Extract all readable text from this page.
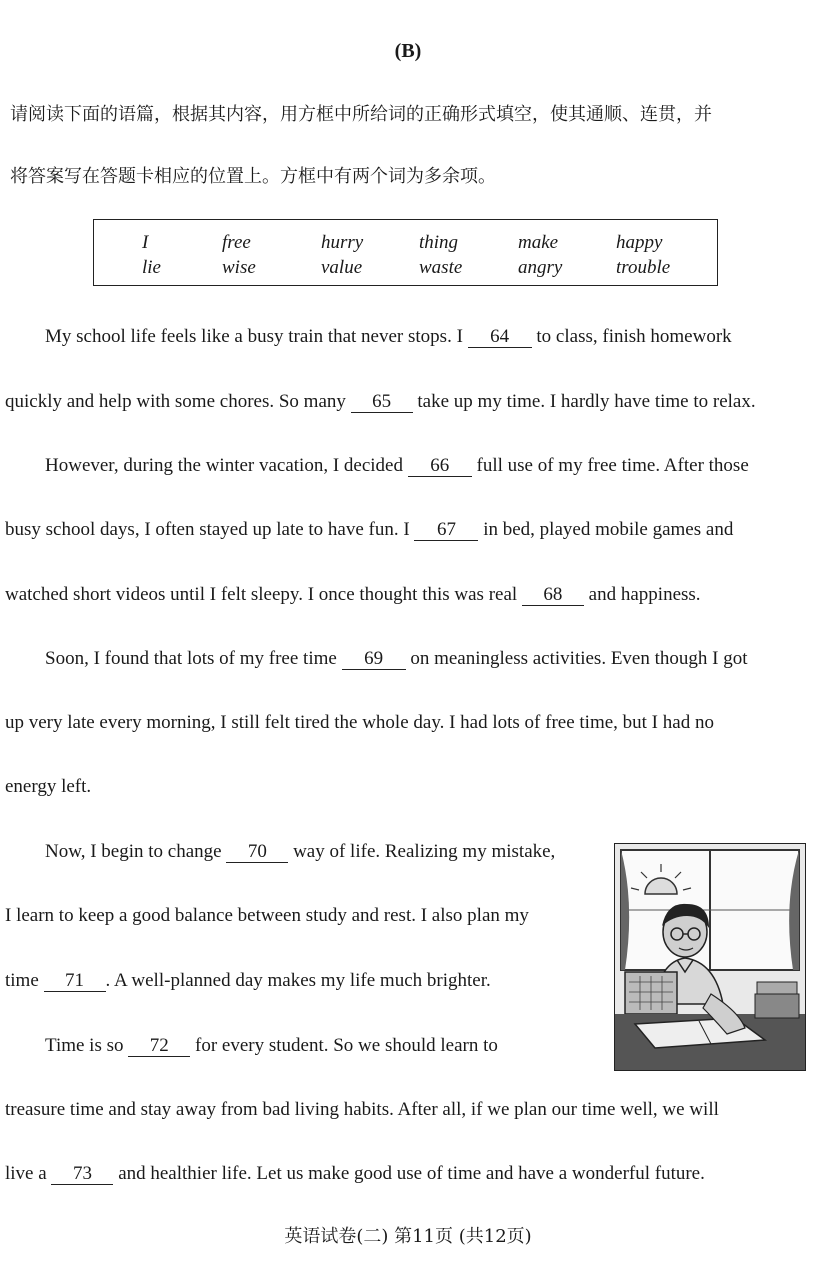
(B)
请阅读下面的语篇，根据其内容，用方框中所给词的正确形式填空，使其通顺、连贯，并
将答案写在答题卡相应的位置上。方框中有两个词为多余项。
I	free	hurry	thing	make	happy
lie	wise	value	waste	angry	trouble
My school life feels like a busy train that never stops. I 64 to class, finish homework
quickly and help with some chores. So many 65 take up my time. I hardly have time to relax.
However, during the winter vacation, I decided 66 full use of my free time. After those
busy school days, I often stayed up late to have fun. I 67 in bed, played mobile games and
watched short videos until I felt sleepy. I once thought this was real 68 and happiness.
Soon, I found that lots of my free time 69 on meaningless activities. Even though I got
up very late every morning, I still felt tired the whole day. I had lots of free time, but I had no
energy left.
Now, I begin to change 70 way of life. Realizing my mistake,
I learn to keep a good balance between study and rest. I also plan my
time 71 . A well-planned day makes my life much brighter.
Time is so 72 for every student. So we should learn to
treasure time and stay away from bad living habits. After all, if we plan our time well, we will
live a 73 and healthier life. Let us make good use of time and have a wonderful future.
英语试卷(二) 第11页 (共12页)
